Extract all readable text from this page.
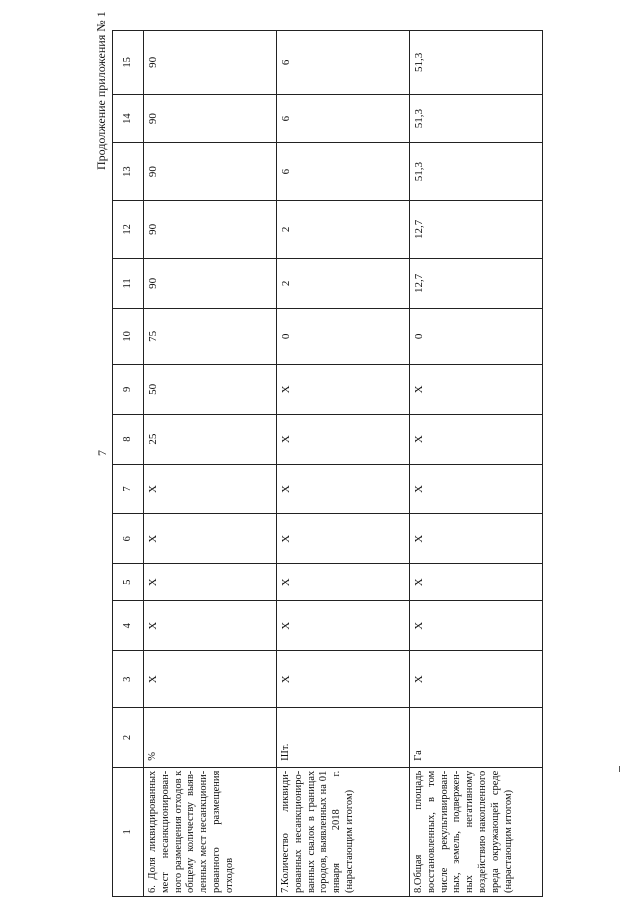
7
Продолжение приложения № 1
1	2	3	4	5	6	7	8	9	10	11	12	13	14	15
6. Доля ликвидированных мест несанкционирован-ного размещения отходов к общему количеству выяв-ленных мест несанкциони-рованного размещения отходов	%	Х	Х	Х	Х	Х	25	50	75	90	90	90	90	90
7.Количество ликвиди-рованных несанкциониро-ванных свалок в границах городов, выявленных на 01 января 2018 г. (нарастающим итогом)	Шт.	Х	Х	Х	Х	Х	Х	Х	0	2	2	6	6	6
8.Общая площадь восстановленных, в том числе рекультивирован-ных, земель, подвержен-ных негативному воздействию накопленного вреда окружающей среде (нарастающим итогом)	Га	Х	Х	Х	Х	Х	Х	Х	0	12,7	12,7	51,3	51,3	51,3
